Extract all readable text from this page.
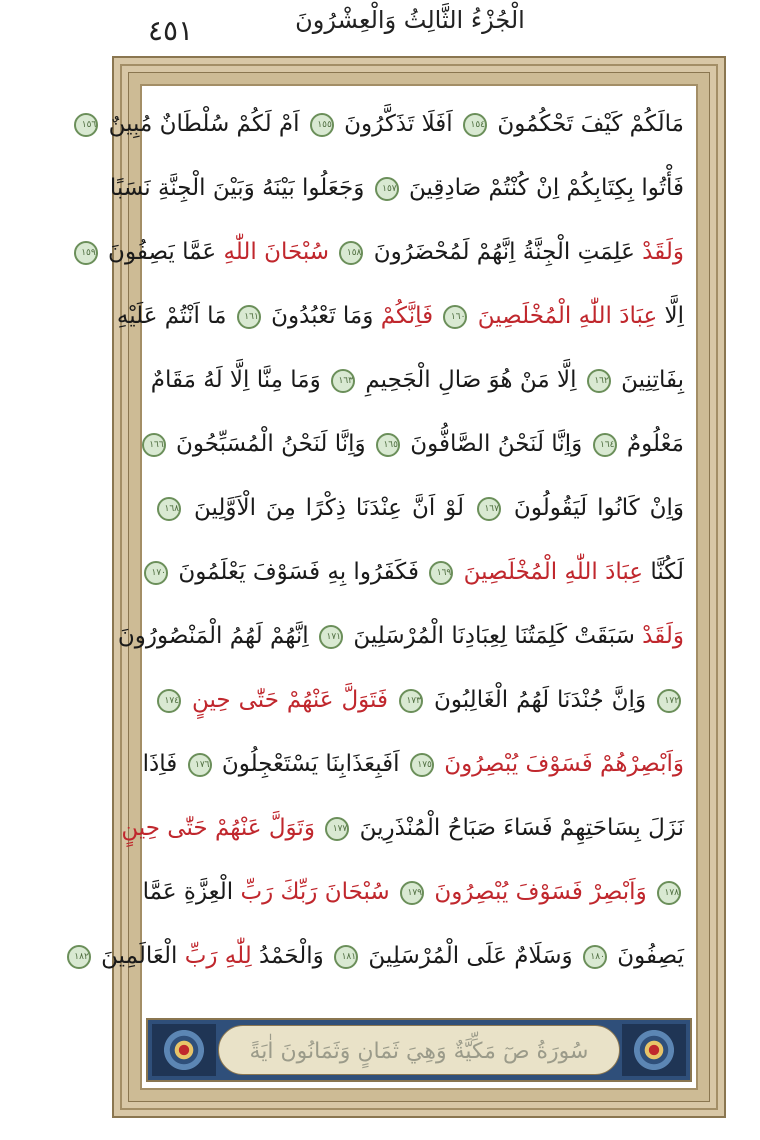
٤٥١	الْجُزْءُ الثَّالِثُ وَالْعِشْرُونَ
مَالَكُمْ كَيْفَ تَحْكُمُونَ ١٥٤ اَفَلَا تَذَكَّرُونَ ١٥٥ اَمْ لَكُمْ سُلْطَانٌ مُبِينٌ ١٥٦
فَأْتُوا بِكِتَابِكُمْ اِنْ كُنْتُمْ صَادِقِينَ ١٥٧ وَجَعَلُوا بَيْنَهُ وَبَيْنَ الْجِنَّةِ نَسَبًا
وَلَقَدْ عَلِمَتِ الْجِنَّةُ اِنَّهُمْ لَمُحْضَرُونَ ١٥٨ سُبْحَانَ اللّٰهِ عَمَّا يَصِفُونَ ١٥٩
اِلَّا عِبَادَ اللّٰهِ الْمُخْلَصِينَ ١٦٠ فَاِنَّكُمْ وَمَا تَعْبُدُونَ ١٦١ مَا اَنْتُمْ عَلَيْهِ
بِفَاتِنِينَ ١٦٢ اِلَّا مَنْ هُوَ صَالِ الْجَحِيمِ ١٦٣ وَمَا مِنَّا اِلَّا لَهُ مَقَامٌ
مَعْلُومٌ ١٦٤ وَاِنَّا لَنَحْنُ الصَّافُّونَ ١٦٥ وَاِنَّا لَنَحْنُ الْمُسَبِّحُونَ ١٦٦
وَاِنْ كَانُوا لَيَقُولُونَ ١٦٧ لَوْ اَنَّ عِنْدَنَا ذِكْرًا مِنَ الْاَوَّلِينَ ١٦٨
لَكُنَّا عِبَادَ اللّٰهِ الْمُخْلَصِينَ ١٦٩ فَكَفَرُوا بِهِ فَسَوْفَ يَعْلَمُونَ ١٧٠
وَلَقَدْ سَبَقَتْ كَلِمَتُنَا لِعِبَادِنَا الْمُرْسَلِينَ ١٧١ اِنَّهُمْ لَهُمُ الْمَنْصُورُونَ
١٧٢ وَاِنَّ جُنْدَنَا لَهُمُ الْغَالِبُونَ ١٧٣ فَتَوَلَّ عَنْهُمْ حَتّٰى حِينٍ ١٧٤
وَاَبْصِرْهُمْ فَسَوْفَ يُبْصِرُونَ ١٧٥ اَفَبِعَذَابِنَا يَسْتَعْجِلُونَ ١٧٦ فَاِذَا
نَزَلَ بِسَاحَتِهِمْ فَسَاءَ صَبَاحُ الْمُنْذَرِينَ ١٧٧ وَتَوَلَّ عَنْهُمْ حَتّٰى حِينٍ
١٧٨ وَاَبْصِرْ فَسَوْفَ يُبْصِرُونَ ١٧٩ سُبْحَانَ رَبِّكَ رَبِّ الْعِزَّةِ عَمَّا
يَصِفُونَ ١٨٠ وَسَلَامٌ عَلَى الْمُرْسَلِينَ ١٨١ وَالْحَمْدُ لِلّٰهِ رَبِّ الْعَالَمِينَ ١٨٢
سُورَةُ صٓ مَكِّيَّةٌ وَهِيَ ثَمَانٍ وَثَمَانُونَ اٰيَةً
